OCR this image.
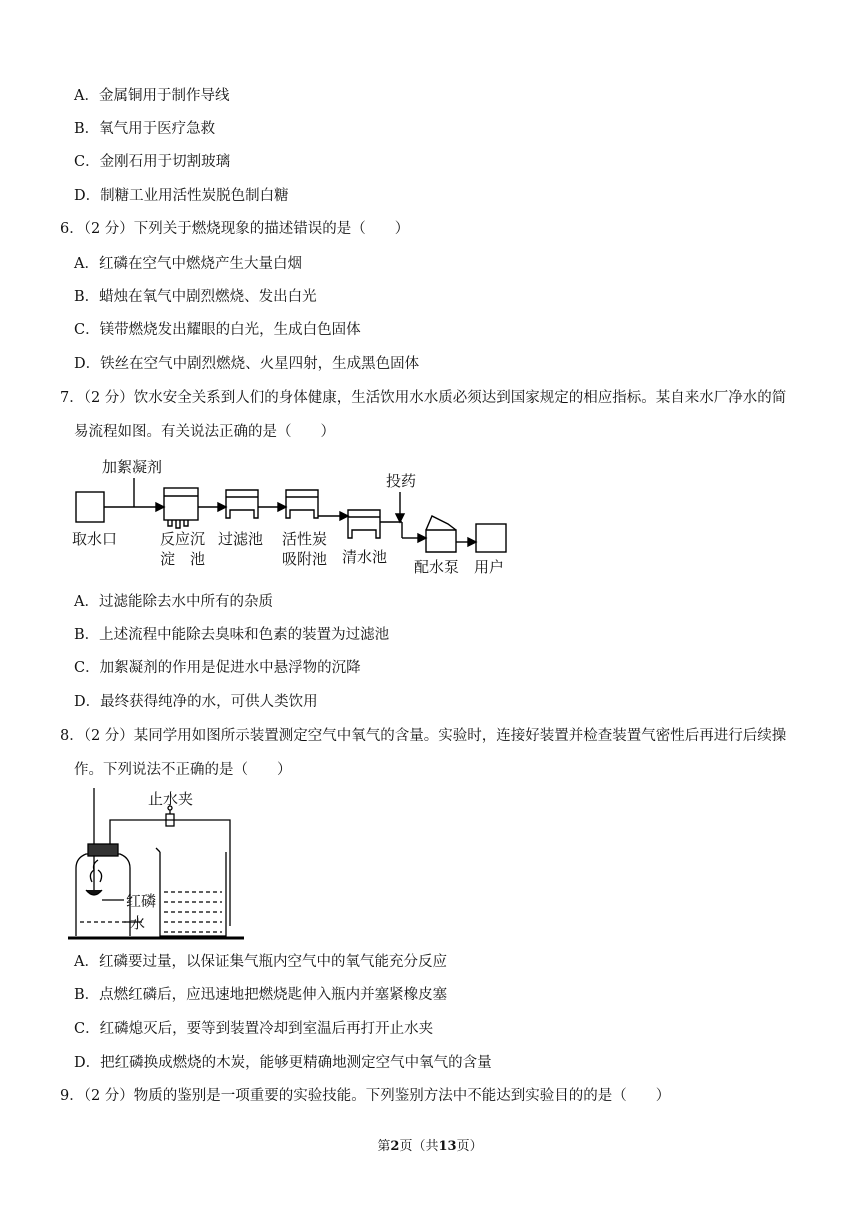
A．金属铜用于制作导线
B．氧气用于医疗急救
C．金刚石用于切割玻璃
D．制糖工业用活性炭脱色制白糖
6．（2 分）下列关于燃烧现象的描述错误的是（　　）
A．红磷在空气中燃烧产生大量白烟
B．蜡烛在氧气中剧烈燃烧、发出白光
C．镁带燃烧发出耀眼的白光，生成白色固体
D．铁丝在空气中剧烈燃烧、火星四射，生成黑色固体
7．（2 分）饮水安全关系到人们的身体健康，生活饮用水水质必须达到国家规定的相应指标。某自来水厂净水的简
易流程如图。有关说法正确的是（　　）
加絮凝剂
投药
取水口	反应沉
淀　池
过滤池 活性炭
吸附池 清水池
配水泵 用户
A．过滤能除去水中所有的杂质
B．上述流程中能除去臭味和色素的装置为过滤池
C．加絮凝剂的作用是促进水中悬浮物的沉降
D．最终获得纯净的水，可供人类饮用
8．（2 分）某同学用如图所示装置测定空气中氧气的含量。实验时，连接好装置并检查装置气密性后再进行后续操
作。下列说法不正确的是（　　）
止水夹
红磷
水
A．红磷要过量，以保证集气瓶内空气中的氧气能充分反应
B．点燃红磷后，应迅速地把燃烧匙伸入瓶内并塞紧橡皮塞
C．红磷熄灭后，要等到装置冷却到室温后再打开止水夹
D．把红磷换成燃烧的木炭，能够更精确地测定空气中氧气的含量
9．（2 分）物质的鉴别是一项重要的实验技能。下列鉴别方法中不能达到实验目的的是（　　）
第2页（共13页）
